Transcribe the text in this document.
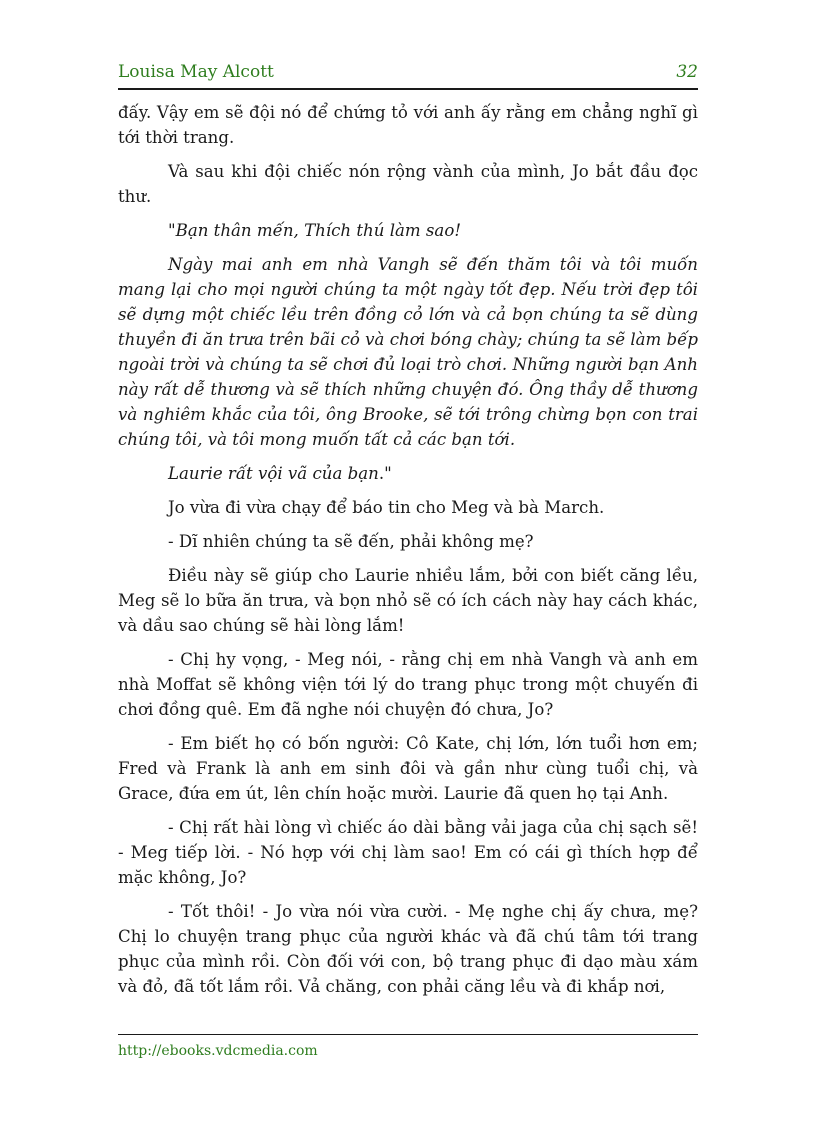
Louisa May Alcott	32

đấy. Vậy em sẽ đội nó để chứng tỏ với anh ấy rằng em chẳng nghĩ gì tới thời trang.

Và sau khi đội chiếc nón rộng vành của mình, Jo bắt đầu đọc thư.

"Bạn thân mến, Thích thú làm sao!

Ngày mai anh em nhà Vangh sẽ đến thăm tôi và tôi muốn mang lại cho mọi người chúng ta một ngày tốt đẹp. Nếu trời đẹp tôi sẽ dựng một chiếc lều trên đồng cỏ lớn và cả bọn chúng ta sẽ dùng thuyền đi ăn trưa trên bãi cỏ và chơi bóng chày; chúng ta sẽ làm bếp ngoài trời và chúng ta sẽ chơi đủ loại trò chơi. Những người bạn Anh này rất dễ thương và sẽ thích những chuyện đó. Ông thầy dễ thương và nghiêm khắc của tôi, ông Brooke, sẽ tới trông chừng bọn con trai chúng tôi, và tôi mong muốn tất cả các bạn tới.

Laurie rất vội vã của bạn."

Jo vừa đi vừa chạy để báo tin cho Meg và bà March.

- Dĩ nhiên chúng ta sẽ đến, phải không mẹ?

Điều này sẽ giúp cho Laurie nhiều lắm, bởi con biết căng lều, Meg sẽ lo bữa ăn trưa, và bọn nhỏ sẽ có ích cách này hay cách khác, và dầu sao chúng sẽ hài lòng lắm!

- Chị hy vọng, - Meg nói, - rằng chị em nhà Vangh và anh em nhà Moffat sẽ không viện tới lý do trang phục trong một chuyến đi chơi đồng quê. Em đã nghe nói chuyện đó chưa, Jo?

- Em biết họ có bốn người: Cô Kate, chị lớn, lớn tuổi hơn em; Fred và Frank là anh em sinh đôi và gần như cùng tuổi chị, và Grace, đứa em út, lên chín hoặc mười. Laurie đã quen họ tại Anh.

- Chị rất hài lòng vì chiếc áo dài bằng vải jaga của chị sạch sẽ! - Meg tiếp lời. - Nó hợp với chị làm sao! Em có cái gì thích hợp để mặc không, Jo?

- Tốt thôi! - Jo vừa nói vừa cười. - Mẹ nghe chị ấy chưa, mẹ? Chị lo chuyện trang phục của người khác và đã chú tâm tới trang phục của mình rồi. Còn đối với con, bộ trang phục đi dạo màu xám và đỏ, đã tốt lắm rồi. Vả chăng, con phải căng lều và đi khắp nơi,

http://ebooks.vdcmedia.com
